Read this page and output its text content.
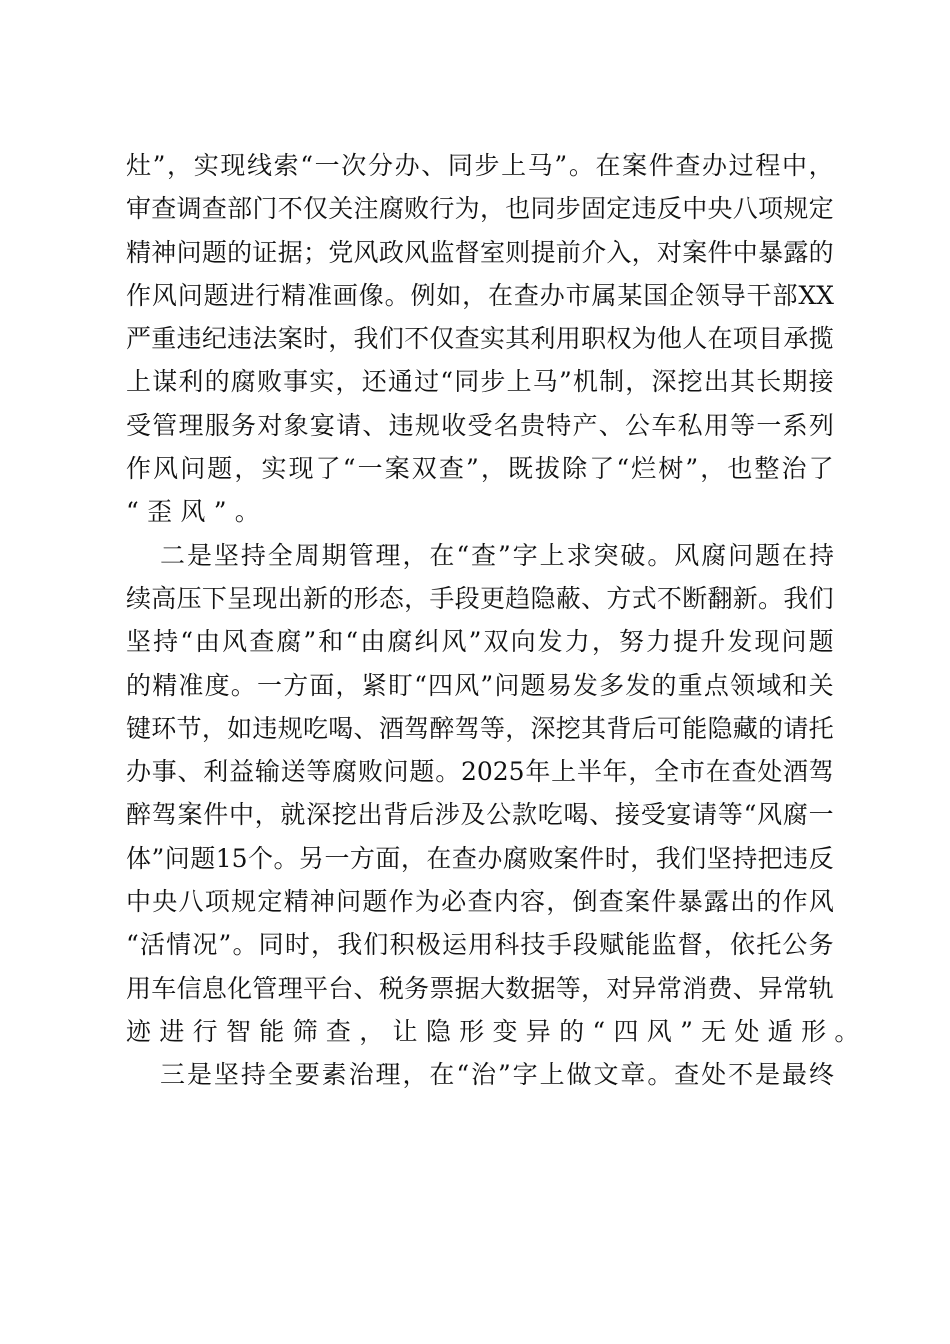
灶 ” ， 实 现 线 索 “ 一 次 分 办 、 同 步 上 马 ” 。 在 案 件 查 办 过 程 中 ，
审 查 调 查 部 门 不 仅 关 注 腐 败 行 为 ， 也 同 步 固 定 违 反 中 央 八 项 规 定
精 神 问 题 的 证 据 ； 党 风 政 风 监 督 室 则 提 前 介 入 ， 对 案 件 中 暴 露 的
作 风 问 题 进 行 精 准 画 像 。 例 如 ， 在 查 办 市 属 某 国 企 领 导 干 部 XX
严 重 违 纪 违 法 案 时 ， 我 们 不 仅 查 实 其 利 用 职 权 为 他 人 在 项 目 承 揽
上 谋 利 的 腐 败 事 实 ， 还 通 过 “ 同 步 上 马 ” 机 制 ， 深 挖 出 其 长 期 接
受 管 理 服 务 对 象 宴 请 、 违 规 收 受 名 贵 特 产 、 公 车 私 用 等 一 系 列
作 风 问 题 ， 实 现 了 “ 一 案 双 查 ” ， 既 拔 除 了 “ 烂 树 ” ， 也 整 治 了
“ 歪 风 ” 。
二 是 坚 持 全 周 期 管 理 ， 在 “ 查 ” 字 上 求 突 破 。 风 腐 问 题 在 持
续 高 压 下 呈 现 出 新 的 形 态 ， 手 段 更 趋 隐 蔽 、 方 式 不 断 翻 新 。 我 们
坚 持 “ 由 风 查 腐 ” 和 “ 由 腐 纠 风 ” 双 向 发 力 ， 努 力 提 升 发 现 问 题
的 精 准 度 。 一 方 面 ， 紧 盯 “ 四 风 ” 问 题 易 发 多 发 的 重 点 领 域 和 关
键 环 节 ， 如 违 规 吃 喝 、 酒 驾 醉 驾 等 ， 深 挖 其 背 后 可 能 隐 藏 的 请 托
办 事 、 利 益 输 送 等 腐 败 问 题 。 2025 年 上 半 年 ， 全 市 在 查 处 酒 驾
醉 驾 案 件 中 ， 就 深 挖 出 背 后 涉 及 公 款 吃 喝 、 接 受 宴 请 等 “ 风 腐 一
体 ” 问 题 15 个 。 另 一 方 面 ， 在 查 办 腐 败 案 件 时 ， 我 们 坚 持 把 违 反
中 央 八 项 规 定 精 神 问 题 作 为 必 查 内 容 ， 倒 查 案 件 暴 露 出 的 作 风
“ 活 情 况 ” 。 同 时 ， 我 们 积 极 运 用 科 技 手 段 赋 能 监 督 ， 依 托 公 务
用 车 信 息 化 管 理 平 台 、 税 务 票 据 大 数 据 等 ， 对 异 常 消 费 、 异 常 轨
迹 进 行 智 能 筛 查 ， 让 隐 形 变 异 的 “ 四 风 ” 无 处 遁 形 。
三 是 坚 持 全 要 素 治 理 ， 在 “ 治 ” 字 上 做 文 章 。 查 处 不 是 最 终
